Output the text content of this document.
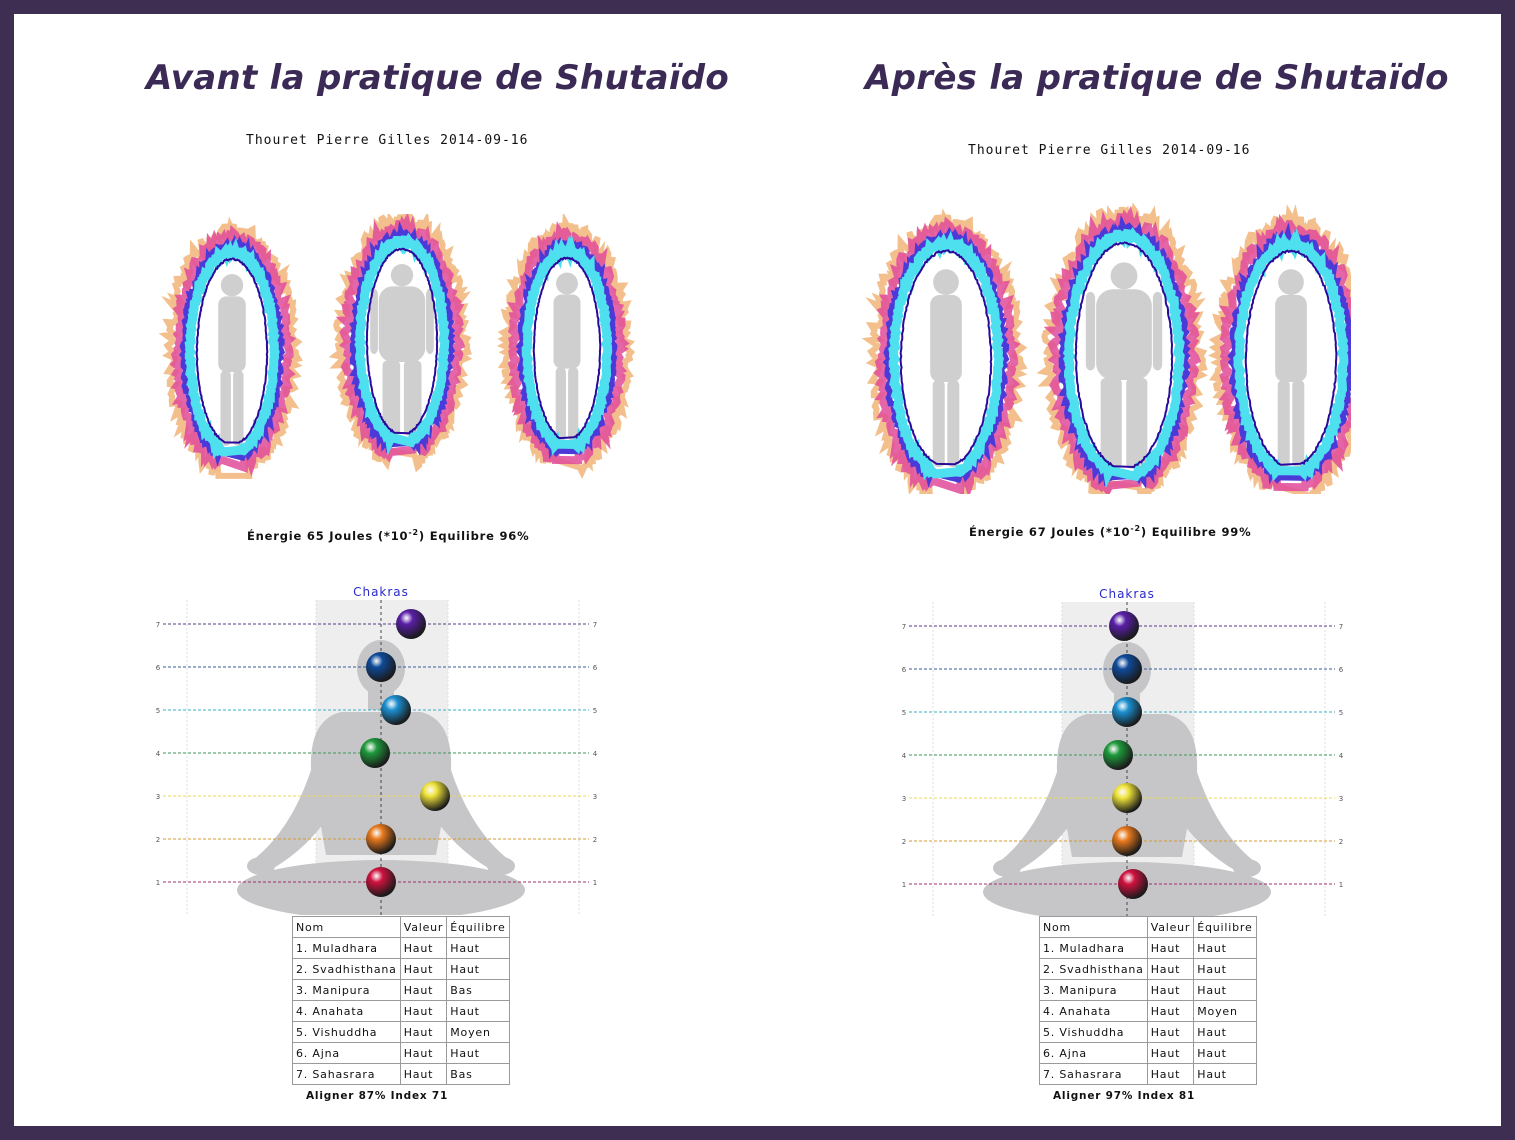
Avant la pratique de Shutaïdo
Thouret Pierre Gilles 2014-09-16
Énergie 65 Joules $(*10^{-2})$ Equilibre 96%
Chakras
1	1
2	2
3	3
4	4
5	5
6	6
7	7
Nom	Valeur	Équilibre
1. Muladhara	Haut	Haut
2. Svadhisthana	Haut	Haut
3. Manipura	Haut	Bas
4. Anahata	Haut	Haut
5. Vishuddha	Haut	Moyen
6. Ajna	Haut	Haut
7. Sahasrara	Haut	Bas
Aligner 87% Index 71
Après la pratique de Shutaïdo
Thouret Pierre Gilles 2014-09-16
Énergie 67 Joules $(*10^{-2})$ Equilibre 99%
Chakras
1	1
2	2
3	3
4	4
5	5
6	6
7	7
Nom	Valeur	Équilibre
1. Muladhara	Haut	Haut
2. Svadhisthana	Haut	Haut
3. Manipura	Haut	Haut
4. Anahata	Haut	Moyen
5. Vishuddha	Haut	Haut
6. Ajna	Haut	Haut
7. Sahasrara	Haut	Haut
Aligner 97% Index 81
